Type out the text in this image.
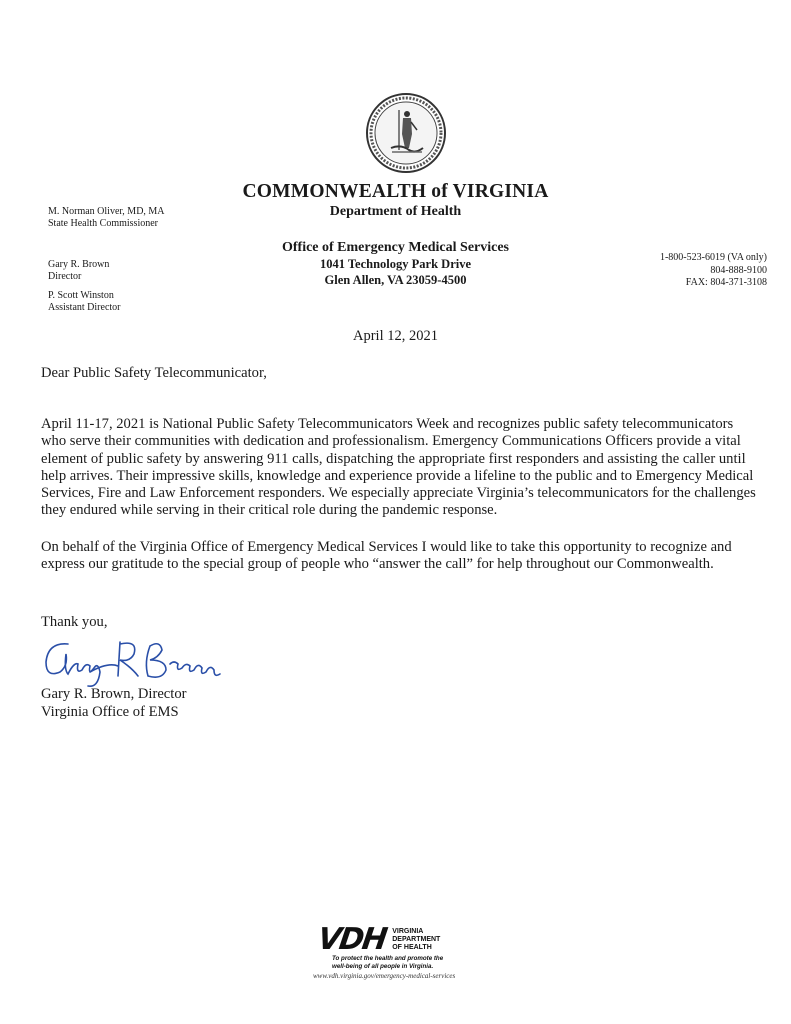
COMMONWEALTH of VIRGINIA
Department of Health
Office of Emergency Medical Services
1041 Technology Park Drive
Glen Allen, VA 23059-4500
M. Norman Oliver, MD, MA
State Health Commissioner
Gary R. Brown
Director
P. Scott Winston
Assistant Director
1-800-523-6019 (VA only)
804-888-9100
FAX: 804-371-3108
April 12, 2021
Dear Public Safety Telecommunicator,
April 11-17, 2021 is National Public Safety Telecommunicators Week and recognizes public safety telecommunicators who serve their communities with dedication and professionalism. Emergency Communications Officers provide a vital element of public safety by answering 911 calls, dispatching the appropriate first responders and assisting the caller until help arrives. Their impressive skills, knowledge and experience provide a lifeline to the public and to Emergency Medical Services, Fire and Law Enforcement responders. We especially appreciate Virginia’s telecommunicators for the challenges they endured while serving in their critical role during the pandemic response.
On behalf of the Virginia Office of Emergency Medical Services I would like to take this opportunity to recognize and express our gratitude to the special group of people who “answer the call” for help throughout our Commonwealth.
Thank you,
Gary R. Brown, Director
Virginia Office of EMS
VDH VIRGINIA
DEPARTMENT
OF HEALTH
To protect the health and promote the
well-being of all people in Virginia.
www.vdh.virginia.gov/emergency-medical-services
